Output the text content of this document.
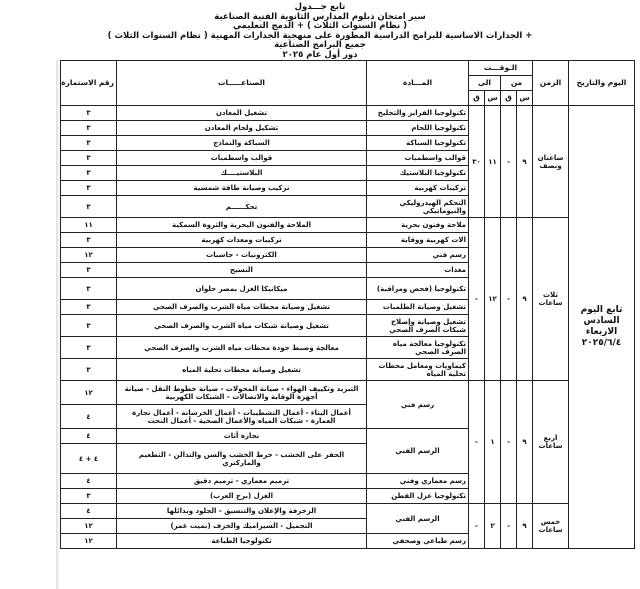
تابع جـــدول
سير امتحان دبلوم المدارس الثانوية الفنية الصناعية
( نظام السنوات الثلاث ) + الدمج التعليمي
+ الجدارات الاساسية للبرامج الدراسية المطورة على منهجية الجدارات المهنية ( نظام السنوات الثلاث )
جميع البرامج الصناعية
دور أول عام ٢٠٢٥
اليوم والتاريخ	الزمن	الـوقـــت				المـــادة	الصناعـــــات	رقم الاستمارة
		من		الى				
		س	ق	س	ق			
تابع اليوم السادس الاربعاء ٢٠٢٥/٦/٤	ساعتان ونصف	٩	-	١١	٣٠	تكنولوجيا الفرايز والتجليخ	تشغيل المعادن	٣
						تكنولوجيا اللحام	تشكيل ولحام المعادن	٣
						تكنولوجيا السباكة	السباكة والنماذج	٣
						قوالب واسطمبات	قوالب واسطمبات	٣
						تكنولوجيا البلاستيك	البلاستيــــك	٣
						تركيبات كهربية	تركيب وصيانة طاقة شمسية	٣
						التحكم الهيدروليكي والنيوماتيكي	تحكــــــم	٣
	ثلاث ساعات	٩	-	١٢	-	ملاحة وفنون بحرية	الملاحة والفنون البحرية والثروة السمكية	١١
						الات كهربية ووقاية	تركيبات ومعدات كهربية	٣
						رسم فني	الكترونيات - حاسبات	١٢
						معدات	النسيج	٣
						تكنولوجيا (فحص ومراقبة)	ميكانيكا الغزل بمصر حلوان	٣
						تشغيل وصيانة الطلمبات	تشغيل وصيانة محطات مياه الشرب والصرف الصحي	٣
						تشغيل وصيانة وإصلاح شبكات الصرف الصحي	تشغيل وصيانة شبكات مياه الشرب والصرف الصحي	٣
						تكنولوجيا معالجة مياه الصرف الصحي	معالجة وضبط جودة محطات مياه الشرب والصرف الصحي	٣
						كيماويات ومعامل محطات تحلية المياه	تشغيل وصيانة محطات تحلية المياه	٣
	اربع ساعات	٩	-	١	-	رسم فني	التبريد وتكييف الهواء - صيانة المحولات - صيانة خطوط النقل - صيانة أجهزة الوقاية والاتصالات - الشبكات الكهربية	١٢
							أعمال البناء - أعمال التشطيبات - أعمال الخرسانة - أعمال نجارة العمارة - شبكات المياه والأعمال الصحية - أعمال النحت	٤
						الرسم الفني	نجارة أثاث	٤
							الحفر على الخشب - خرط الخشب والسن والتدالن - التطعيم والماركتري	٤ + ٤
						رسم معماري وفني	ترميم معماري - ترميم دقيق	٤
						تكنولوجيا غزل القطن	الغزل (برج العرب)	٣
	خمس ساعات	٩	-	٢	-	الرسم الفني	الزخرفة والإعلان والتنسيق - الجلود وبدائلها	٤
							التجميل - السيراميك والخزف (بميت غمر)	١٢
						رسم طباعي وصحفي	تكنولوجيا الطباعة	١٢
